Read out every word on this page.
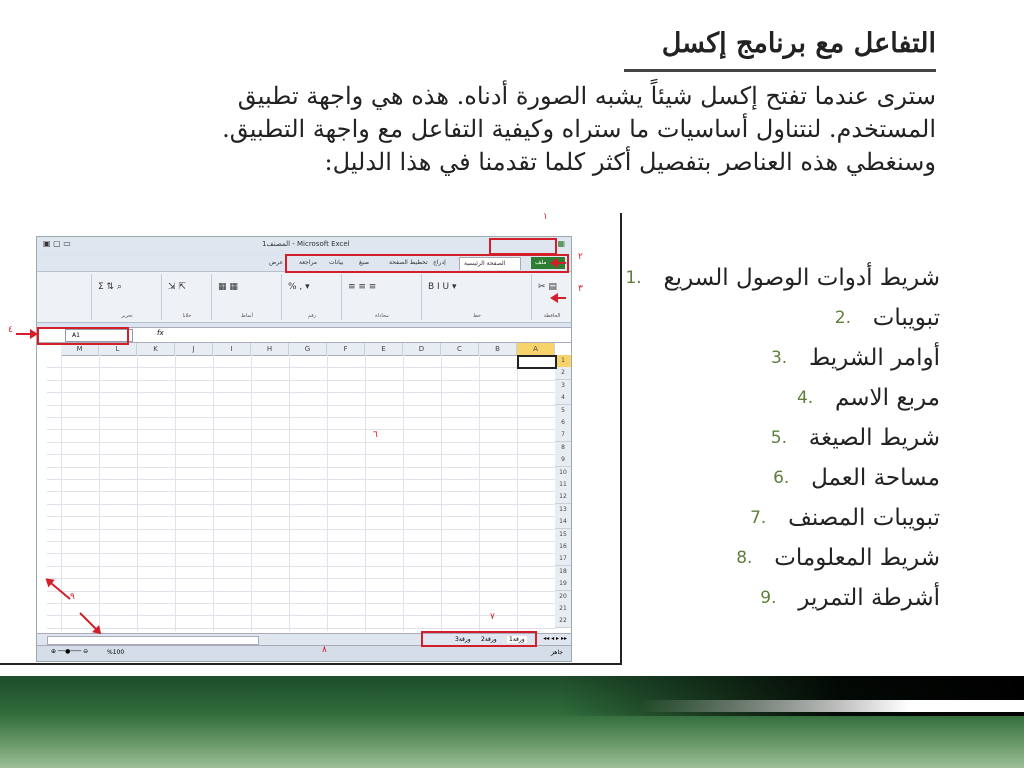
التفاعل مع برنامج إكسل
سترى عندما تفتح إكسل شيئاً يشبه الصورة أدناه. هذه هي واجهة تطبيق المستخدم. لنتناول أساسيات ما ستراه وكيفية التفاعل مع واجهة التطبيق. وسنغطي هذه العناصر بتفصيل أكثر كلما تقدمنا في هذا الدليل:
شريط أدوات الوصول السريع
1.
تبويبات
2.
أوامر الشريط
3.
مربع الاسم
4.
شريط الصيغة
5.
مساحة العمل
6.
تبويبات المصنف
7.
شريط المعلومات
8.
أشرطة التمرير
9.
Microsoft Excel - المصنف1
▣ ▢ ▭	▦
ملف
الصفحة الرئيسية
إدراج
تخطيط الصفحة
صيغ
بيانات
مراجعة
عرض
الحافظة
✂ ▤
خط
B I U ▾
محاذاة
≡ ≡ ≡
رقم
% , ▾
أنماط
▦ ▦
خلايا
⇲ ⇱
تحرير
Σ ⇅ ⌕
A1	fx
A
B
C
D
E
F
G
H
I
J
K
L
M
1
2
3
4
5
6
7
8
9
10
11
12
13
14
15
16
17
18
19
20
21
22
ورقة1
ورقة2
ورقة3	◂◂ ◂ ▸ ▸▸
جاهز
%100
⊕ ──●─── ⊖
١
٢
٣
٤
٦
٧
٨
٩
